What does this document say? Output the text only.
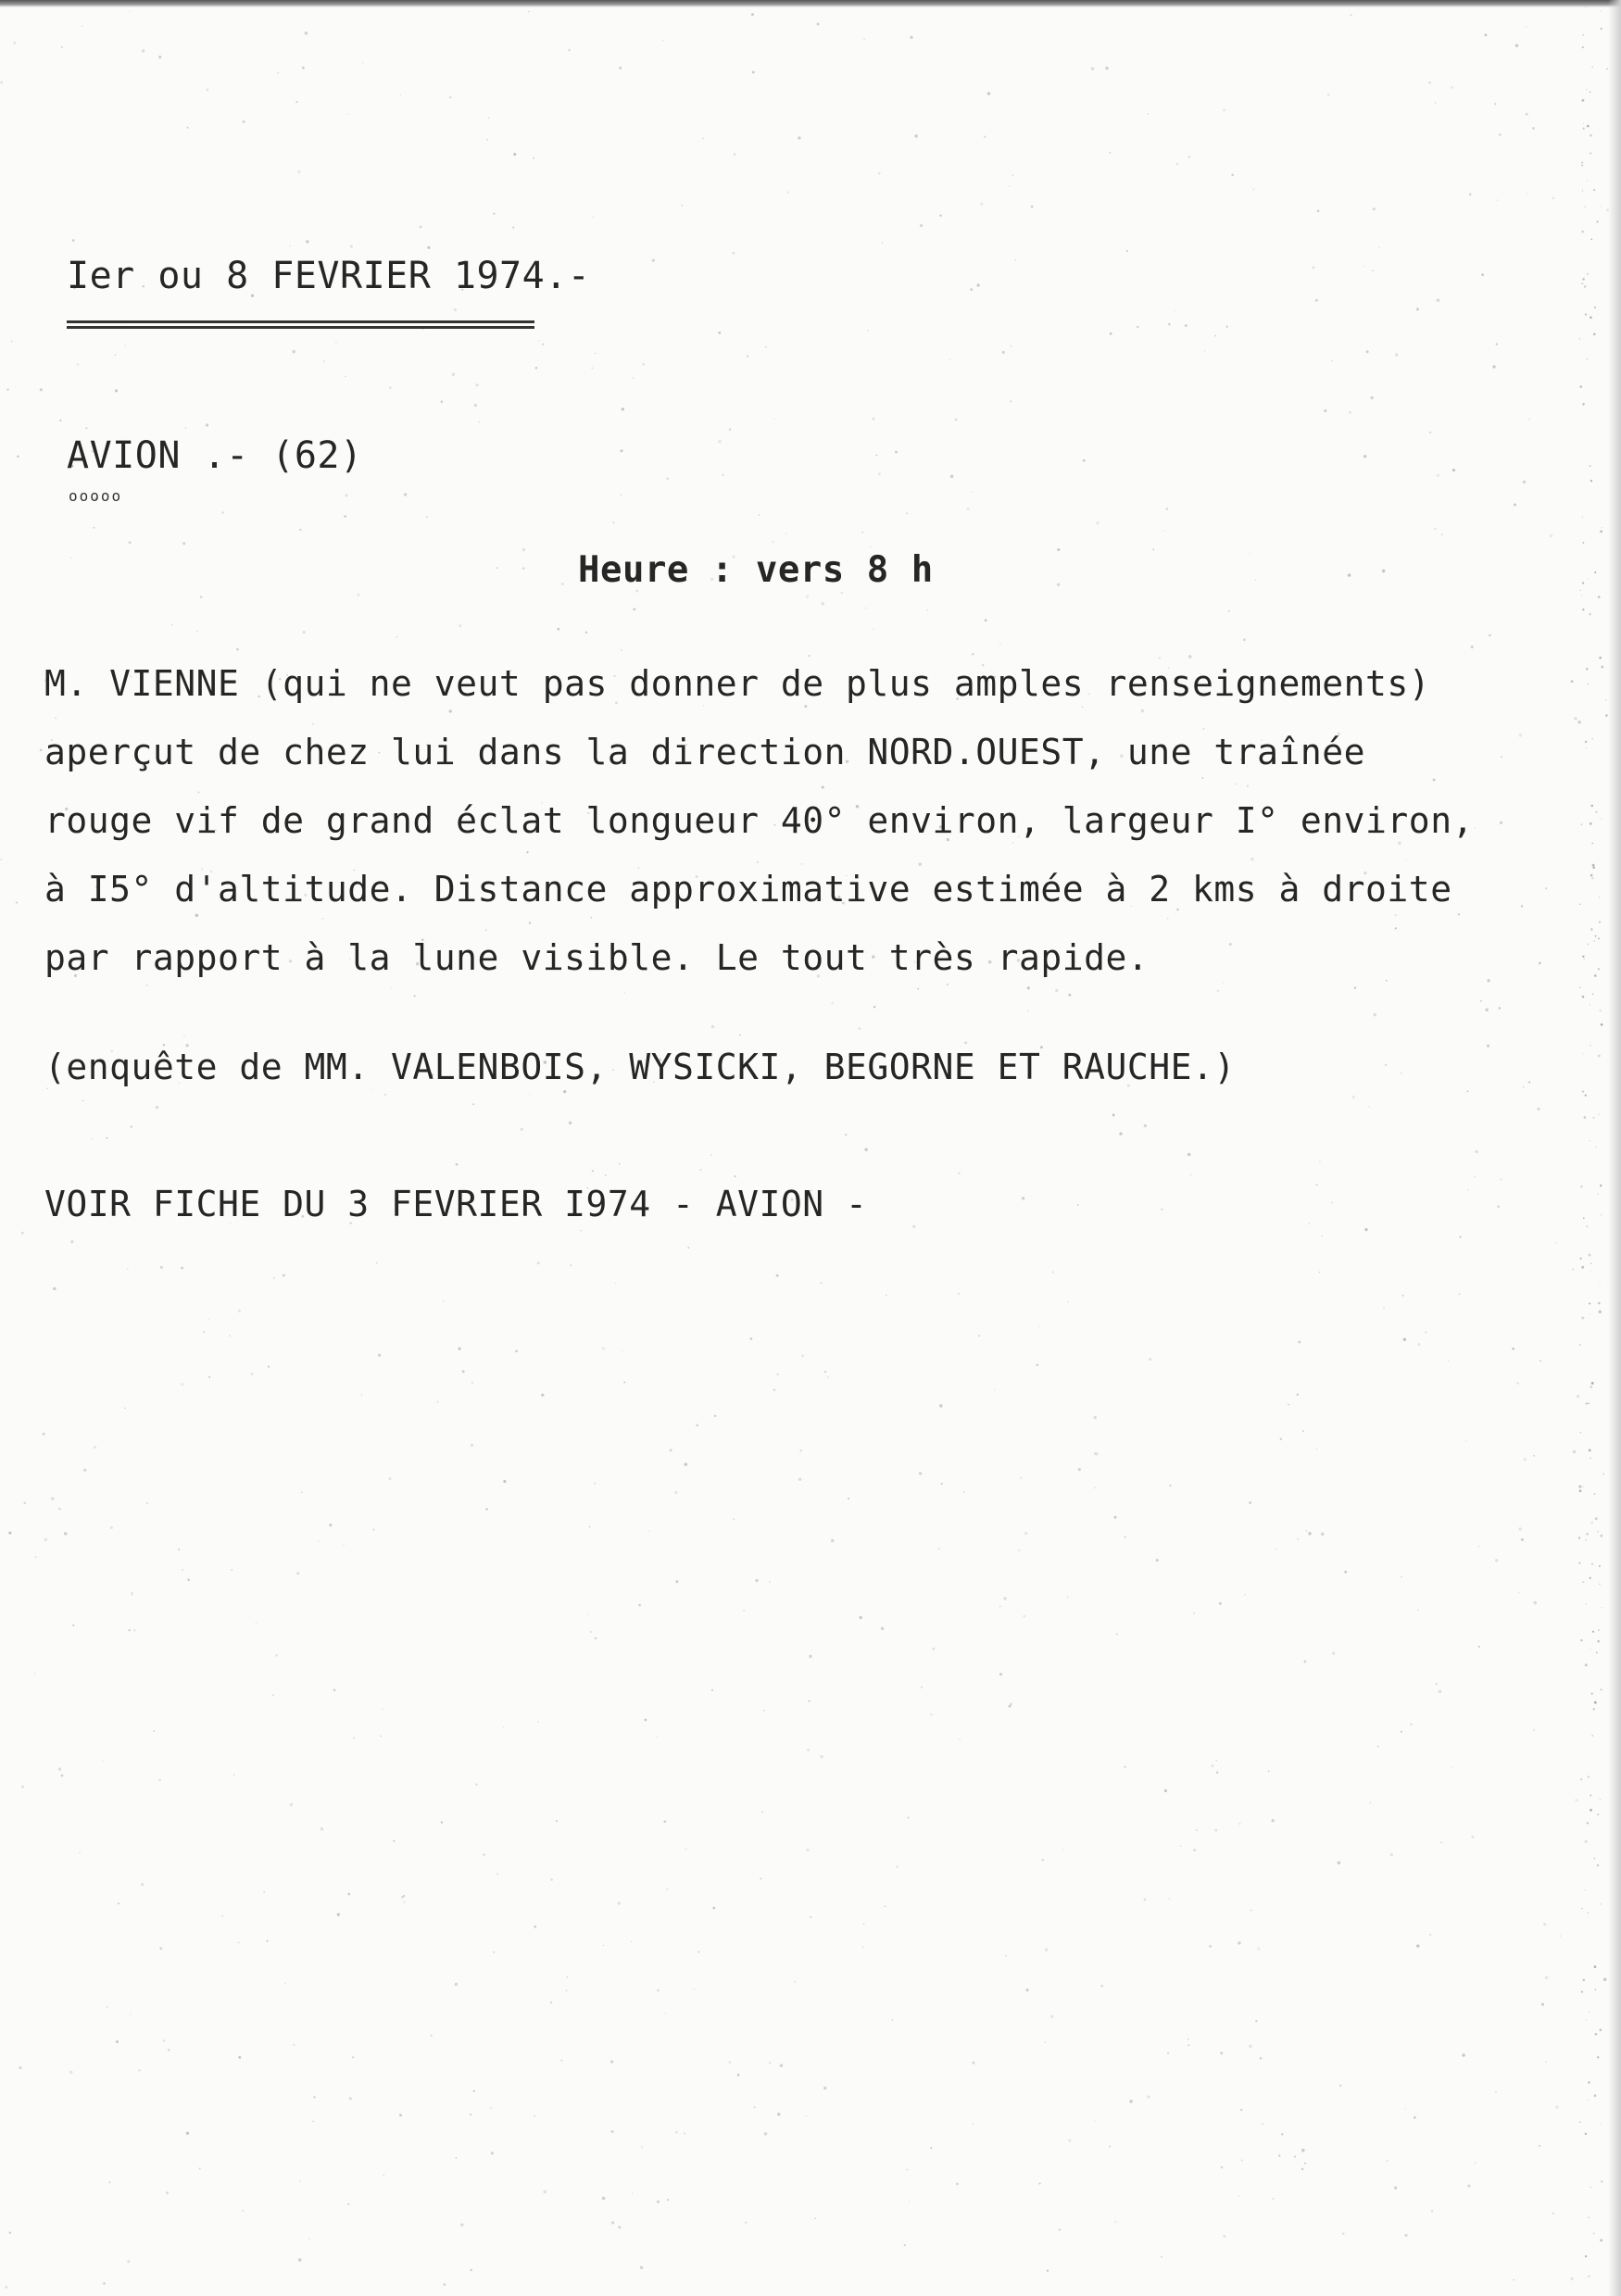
Ier ou 8 FEVRIER 1974.-
AVION .- (62)
ooooo
Heure : vers 8 h
M. VIENNE (qui ne veut pas donner de plus amples renseignements)
aperçut de chez lui dans la direction NORD.OUEST, une traînée
rouge vif de grand éclat longueur 40° environ, largeur I° environ,
à I5° d'altitude. Distance approximative estimée à 2 kms à droite
par rapport à la lune visible. Le tout très rapide.
(enquête de MM. VALENBOIS, WYSICKI, BEGORNE ET RAUCHE.)
VOIR FICHE DU 3 FEVRIER I974 - AVION -
